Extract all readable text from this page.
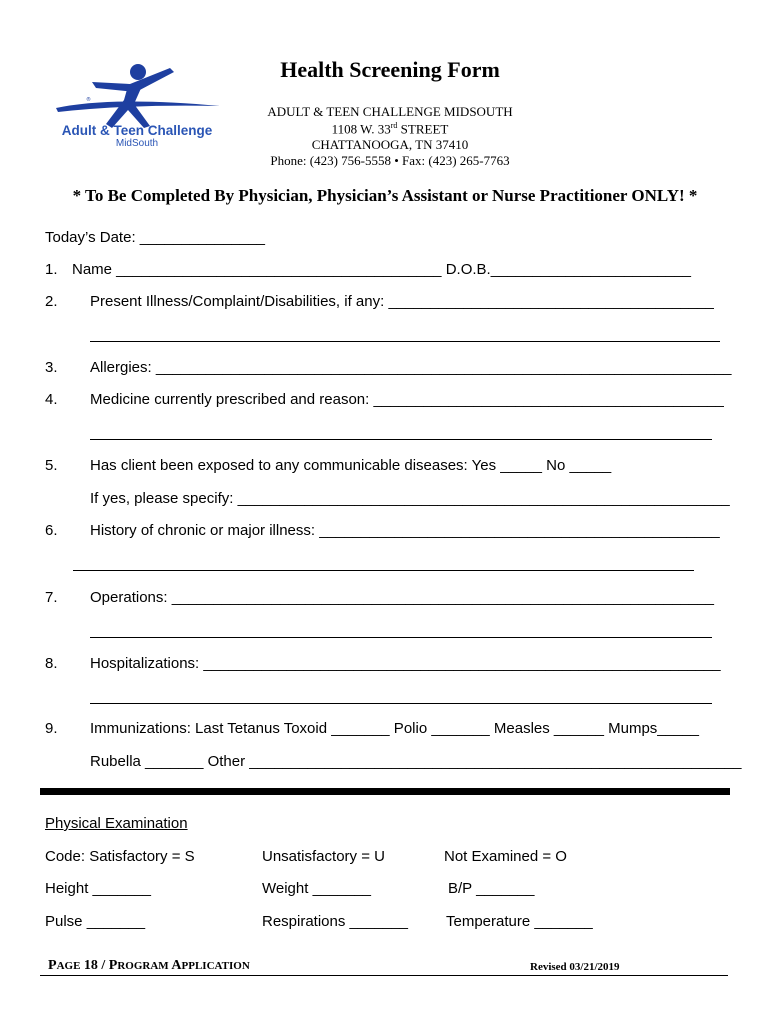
®
Adult & Teen Challenge
MidSouth
Health Screening Form
ADULT & TEEN CHALLENGE MIDSOUTH
1108 W. 33rd STREET
CHATTANOOGA, TN 37410
Phone: (423) 756-5558 • Fax: (423) 265-7763
* To Be Completed By Physician, Physician’s Assistant or Nurse Practitioner ONLY! *
Today’s Date: _______________
1. Name _______________________________________ D.O.B.________________________
2. Present Illness/Complaint/Disabilities, if any: _______________________________________
3. Allergies: _____________________________________________________________________
4. Medicine currently prescribed and reason: __________________________________________
5. Has client been exposed to any communicable diseases: Yes _____ No _____
If yes, please specify: ___________________________________________________________
6. History of chronic or major illness: ________________________________________________
7. Operations: _________________________________________________________________
8. Hospitalizations: ______________________________________________________________
9. Immunizations: Last Tetanus Toxoid _______ Polio _______ Measles ______ Mumps_____
Rubella _______ Other ___________________________________________________________
Physical Examination
Code: Satisfactory = S	Unsatisfactory = U	Not Examined = O
Height _______	Weight _______	B/P _______
Pulse _______	Respirations _______	Temperature _______
PAGE 18 / PROGRAM APPLICATION	Revised 03/21/2019
